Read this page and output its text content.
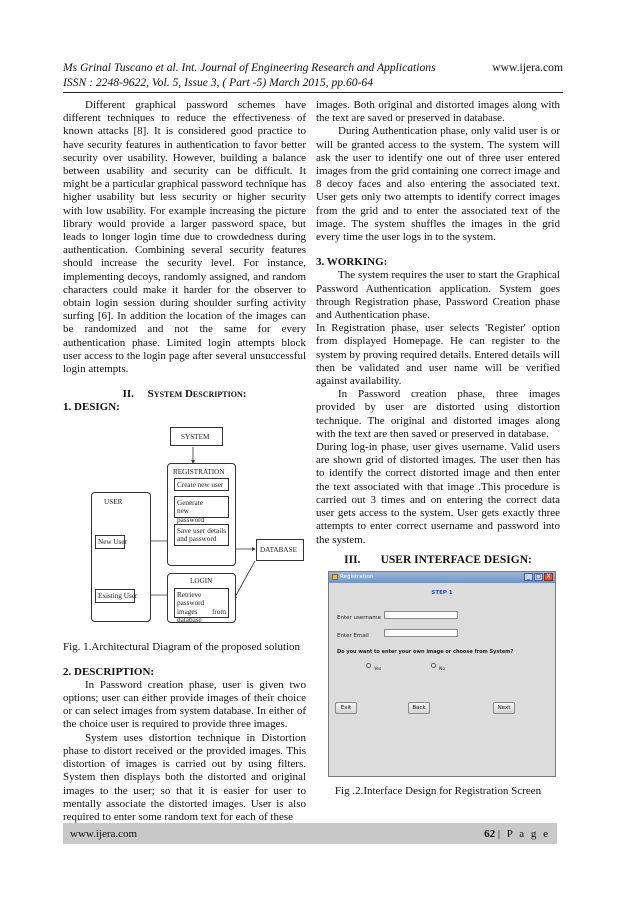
Ms Grinal Tuscano et al. Int. Journal of Engineering Research and Applications	www.ijera.com
ISSN : 2248-9622, Vol. 5, Issue 3, ( Part -5) March 2015, pp.60-64

Different graphical password schemes have different techniques to reduce the effectiveness of known attacks [8]. It is considered good practice to have security features in authentication to favor better security over usability. However, building a balance between usability and security can be difficult. It might be a particular graphical password technique has higher usability but less security or higher security with low usability. For example increasing the picture library would provide a larger password space, but leads to longer login time due to crowdedness during authentication. Combining several security features should increase the security level. For instance, implementing decoys, randomly assigned, and random characters could make it harder for the observer to obtain login session during shoulder surfing activity surfing [6]. In addition the location of the images can be randomized and not the same for every authentication phase. Limited login attempts block user access to the login page after several unsuccessful login attempts.

II. System Description:
1. DESIGN:
SYSTEM
REGISTRATION
Create new user
Generate new password
Save user details and password
USER
New User
Existing User
LOGIN
Retrieve password images from database
DATABASE
Fig. 1.Architectural Diagram of the proposed solution
2. DESCRIPTION:

In Password creation phase, user is given two options; user can either provide images of their choice or can select images from system database. In either of the choice user is required to provide three images.

System uses distortion technique in Distortion phase to distort received or the provided images. This distortion of images is carried out by using filters. System then displays both the distorted and original images to the user; so that it is easier for user to mentally associate the distorted images. User is also required to enter some random text for each of these

images. Both original and distorted images along with the text are saved or preserved in database.

During Authentication phase, only valid user is or will be granted access to the system. The system will ask the user to identify one out of three user entered images from the grid containing one correct image and 8 decoy faces and also entering the associated text. User gets only two attempts to identify correct images from the grid and to enter the associated text of the image. The system shuffles the images in the grid every time the user logs in to the system.

3. WORKING:

The system requires the user to start the Graphical Password Authentication application. System goes through Registration phase, Password Creation phase and Authentication phase.

In Registration phase, user selects 'Register' option from displayed Homepage. He can register to the system by proving required details. Entered details will then be validated and user name will be verified against availability.

In Password creation phase, three images provided by user are distorted using distortion technique. The original and distorted images along with the text are then saved or preserved in database.

During log-in phase, user gives username. Valid users are shown grid of distorted images. The user then has to identify the correct distorted image and then enter the text associated with that image .This procedure is carried out 3 times and on entering the correct data user gets access to the system. User gets exactly three attempts to enter correct username and password into the system.

III.       USER INTERFACE DESIGN:
Registration	_ □ X
STEP 1
Enter username
Enter Email
Do you want to enter your own image or choose from System?
Yes	No
Exit	Back	Next
Fig .2.Interface Design for Registration Screen
www.ijera.com	62 | P a g e
